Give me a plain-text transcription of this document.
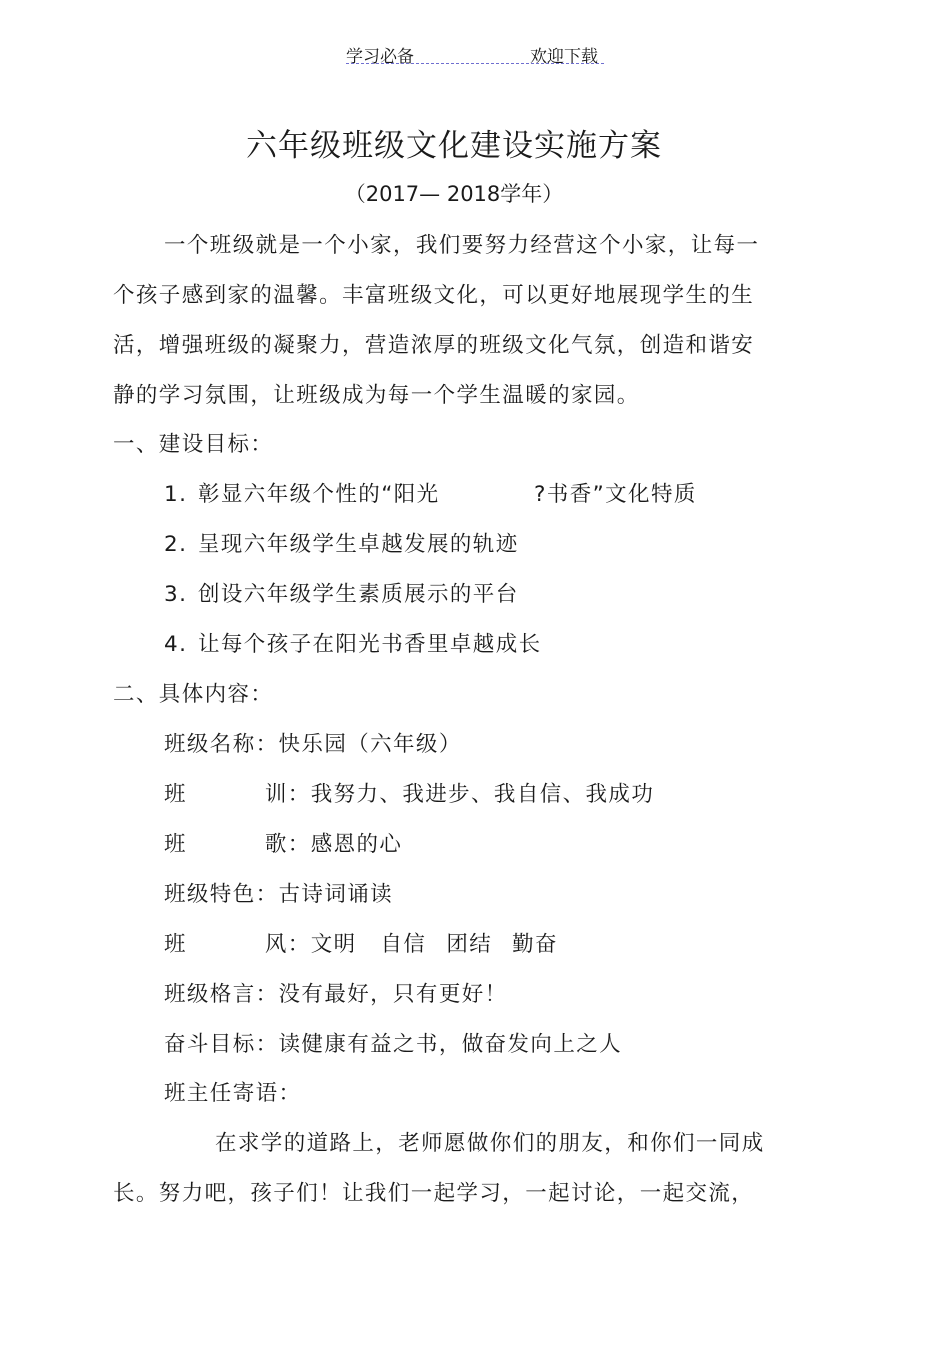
学习必备	欢迎下载
六年级班级文化建设实施方案
（2017— 2018学年）
一个班级就是一个小家，我们要努力经营这个小家，让每一
个孩子感到家的温馨。丰富班级文化，可以更好地展现学生的生
活，增强班级的凝聚力，营造浓厚的班级文化气氛，创造和谐安
静的学习氛围，让班级成为每一个学生温暖的家园。
一、建设目标：
1. 彰显六年级个性的“阳光	?书香”文化特质
2. 呈现六年级学生卓越发展的轨迹
3. 创设六年级学生素质展示的平台
4. 让每个孩子在阳光书香里卓越成长
二、具体内容：
班级名称：快乐园（六年级）
班	训：我努力、我进步、我自信、我成功
班	歌：感恩的心
班级特色：古诗词诵读
班	风：文明 自信 团结 勤奋
班级格言：没有最好，只有更好！
奋斗目标：读健康有益之书，做奋发向上之人
班主任寄语：
在求学的道路上，老师愿做你们的朋友，和你们一同成
长。努力吧，孩子们！让我们一起学习，一起讨论，一起交流，
